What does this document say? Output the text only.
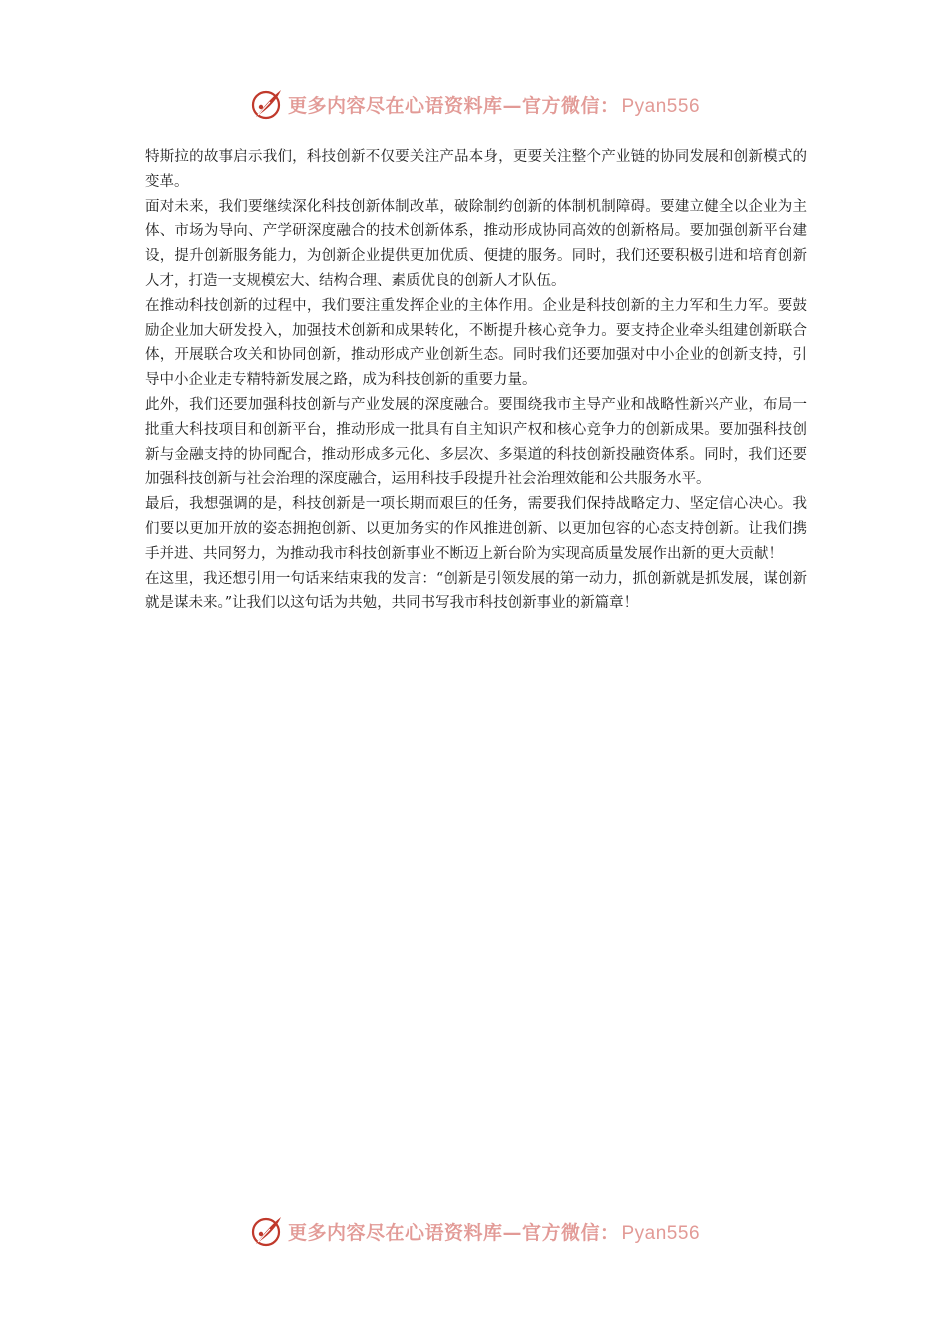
更多内容尽在心语资料库—官方微信： Pyan556

特斯拉的故事启示我们，科技创新不仅要关注产品本身，更要关注整个产业链的协同发展和创新模式的变革。

面对未来，我们要继续深化科技创新体制改革，破除制约创新的体制机制障碍。要建立健全以企业为主体、市场为导向、产学研深度融合的技术创新体系，推动形成协同高效的创新格局。要加强创新平台建设，提升创新服务能力，为创新企业提供更加优质、便捷的服务。同时，我们还要积极引进和培育创新人才，打造一支规模宏大、结构合理、素质优良的创新人才队伍。

在推动科技创新的过程中，我们要注重发挥企业的主体作用。企业是科技创新的主力军和生力军。要鼓励企业加大研发投入，加强技术创新和成果转化，不断提升核心竞争力。要支持企业牵头组建创新联合体，开展联合攻关和协同创新，推动形成产业创新生态。同时我们还要加强对中小企业的创新支持，引导中小企业走专精特新发展之路，成为科技创新的重要力量。

此外，我们还要加强科技创新与产业发展的深度融合。要围绕我市主导产业和战略性新兴产业，布局一批重大科技项目和创新平台，推动形成一批具有自主知识产权和核心竞争力的创新成果。要加强科技创新与金融支持的协同配合，推动形成多元化、多层次、多渠道的科技创新投融资体系。同时，我们还要加强科技创新与社会治理的深度融合，运用科技手段提升社会治理效能和公共服务水平。

最后，我想强调的是，科技创新是一项长期而艰巨的任务，需要我们保持战略定力、坚定信心决心。我们要以更加开放的姿态拥抱创新、以更加务实的作风推进创新、以更加包容的心态支持创新。让我们携手并进、共同努力，为推动我市科技创新事业不断迈上新台阶为实现高质量发展作出新的更大贡献！

在这里，我还想引用一句话来结束我的发言：“创新是引领发展的第一动力，抓创新就是抓发展，谋创新就是谋未来。”让我们以这句话为共勉，共同书写我市科技创新事业的新篇章！

更多内容尽在心语资料库—官方微信： Pyan556
